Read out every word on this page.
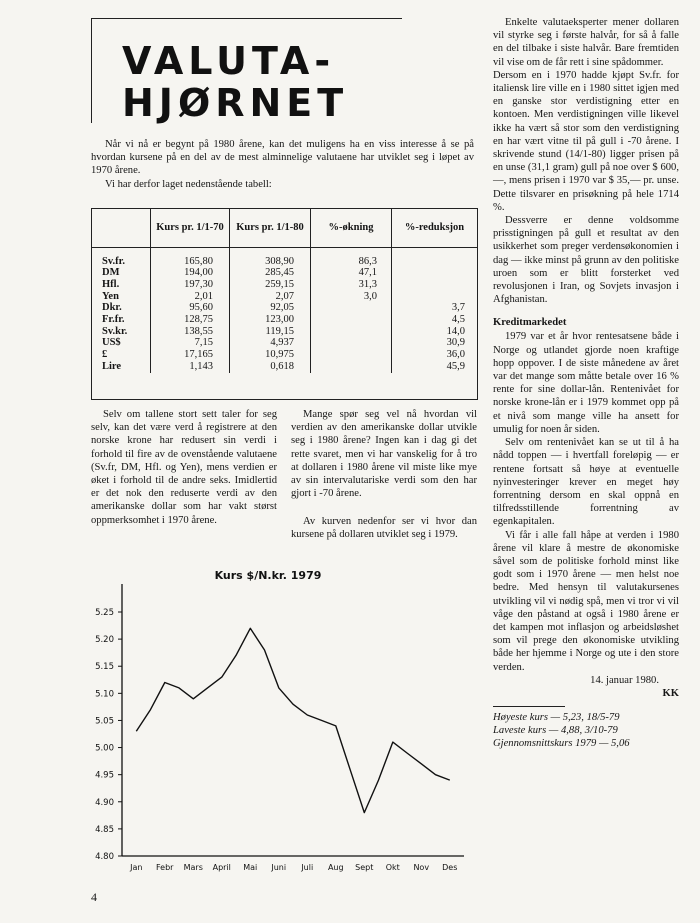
VALUTA-
HJØRNET
Når vi nå er begynt på 1980 årene, kan det muligens ha en viss interesse å se på hvordan kursene på en del av de mest alminnelige valutaene har utviklet seg i løpet av 1970 årene.
Vi har derfor laget nedenstående tabell:
	Kurs pr. 1/1-70	Kurs pr. 1/1-80	%-økning	%-reduksjon
Sv.fr.	165,80	308,90	86,3	
DM	194,00	285,45	47,1	
Hfl.	197,30	259,15	31,3	
Yen	2,01	2,07	3,0	
Dkr.	95,60	92,05		3,7
Fr.fr.	128,75	123,00		4,5
Sv.kr.	138,55	119,15		14,0
US$	7,15	4,937		30,9
£	17,165	10,975		36,0
Lire	1,143	0,618		45,9
Selv om tallene stort sett taler for seg selv, kan det være verd å registrere at den norske krone har redusert sin verdi i forhold til fire av de ovenstående valutaene (Sv.fr, DM, Hfl. og Yen), mens verdien er øket i forhold til de andre seks. Imidlertid er det nok den reduserte verdi av den amerikanske dollar som har vakt størst oppmerksomhet i 1970 årene.
Mange spør seg vel nå hvordan vil verdien av den amerikanske dollar utvikle seg i 1980 årene? Ingen kan i dag gi det rette svaret, men vi har vanskelig for å tro at dollaren i 1980 årene vil miste like mye av sin intervalutariske verdi som den har gjort i -70 årene.
Av kurven nedenfor ser vi hvor dan kursene på dollaren utviklet seg i 1979.
Kurs $/N.kr. 1979
5.25
5.20
5.15
5.10
5.05
5.00
4.95
4.90
4.85
4.80
Jan Febr Mars April Mai Juni Juli Aug Sept Okt Nov Des
4
Enkelte valutaeksperter mener dollaren vil styrke seg i første halvår, for så å falle en del tilbake i siste halvår. Bare fremtiden vil vise om de får rett i sine spådommer.
Dersom en i 1970 hadde kjøpt Sv.fr. for italiensk lire ville en i 1980 sittet igjen med en ganske stor verdistigning etter en kontoen. Men verdistigningen ville likevel ikke ha vært så stor som den verdistigning en har vært vitne til på gull i -70 årene. I skrivende stund (14/1-80) ligger prisen på en unse (31,1 gram) gull på noe over $ 600,—, mens prisen i 1970 var $ 35,— pr. unse. Dette tilsvarer en prisøkning på hele 1714 %.
Dessverre er denne voldsomme prisstigningen på gull et resultat av den usikkerhet som preger verdensøkonomien i dag — ikke minst på grunn av den politiske uroen som er blitt forsterket ved revolusjonen i Iran, og Sovjets invasjon i Afghanistan.
Kreditmarkedet
1979 var et år hvor rentesatsene både i Norge og utlandet gjorde noen kraftige hopp oppover. I de siste månedene av året var det mange som måtte betale over 16 % rente for sine dollar-lån. Rentenivået for norske krone-lån er i 1979 kommet opp på et nivå som mange ville ha ansett for umulig for noen år siden.
Selv om rentenivået kan se ut til å ha nådd toppen — i hvertfall foreløpig — er rentene fortsatt så høye at eventuelle nyinvesteringer krever en meget høy forrentning dersom en skal oppnå en tilfredsstillende forrentning av egenkapitalen.
Vi får i alle fall håpe at verden i 1980 årene vil klare å mestre de økonomiske såvel som de politiske forhold minst like godt som i 1970 årene — men helst noe bedre. Med hensyn til valutakursenes utvikling vil vi nødig spå, men vi tror vi vil våge den påstand at også i 1980 årene er det kampen mot inflasjon og arbeidsløshet som vil prege den økonomiske utvikling både her hjemme i Norge og ute i den store verden.
14. januar 1980.
KK
Høyeste kurs — 5,23, 18/5-79
Laveste kurs — 4,88, 3/10-79
Gjennomsnittskurs 1979 — 5,06
